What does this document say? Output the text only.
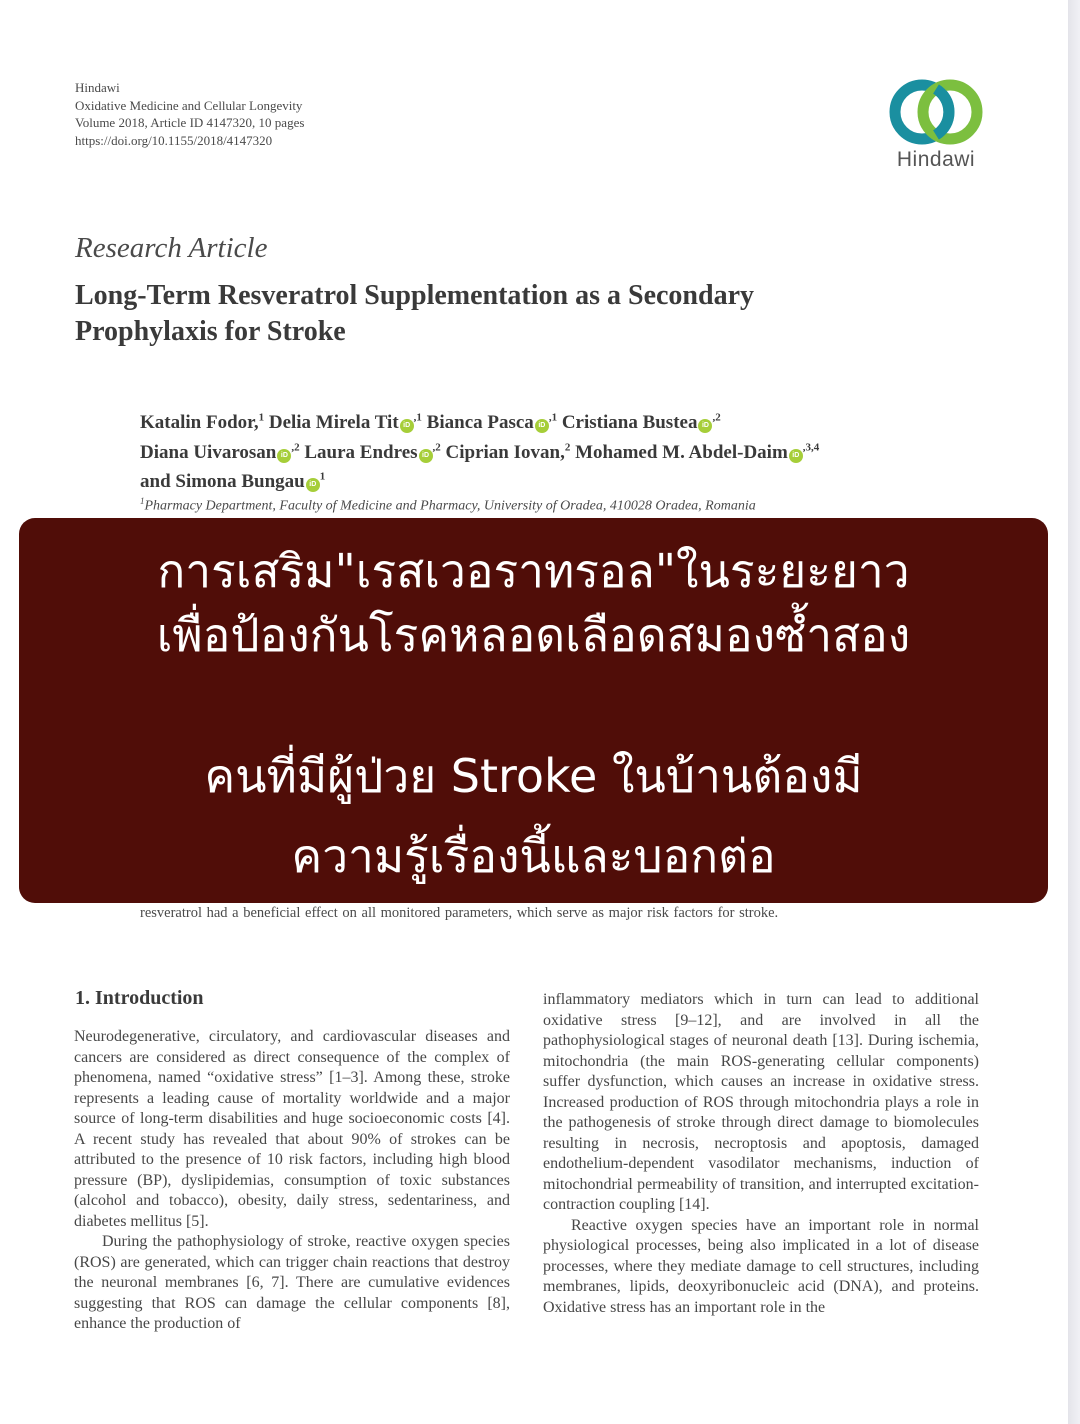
Hindawi
Oxidative Medicine and Cellular Longevity
Volume 2018, Article ID 4147320, 10 pages
https://doi.org/10.1155/2018/4147320
Hindawi
Research Article
Long-Term Resveratrol Supplementation as a Secondary Prophylaxis for Stroke
Katalin Fodor,$^1$ Delia Mirela Tit $iD^{,1}$ Bianca Pasca $iD^{,1}$ Cristiana Bustea $iD^{,2}$
Diana Uivarosan $iD^{,2}$ Laura Endres $iD^{,2}$ Ciprian Iovan,$^2$ Mohamed M. Abdel-Daim $iD^{,3,4}$
and Simona Bungau $iD^1$
$^1$Pharmacy Department, Faculty of Medicine and Pharmacy, University of Oradea, 410028 Oradea, Romania
การเสริม"เรสเวอราทรอล"ในระยะยาว
เพื่อป้องกันโรคหลอดเลือดสมองซ้ำสอง
คนที่มีผู้ป่วย Stroke ในบ้านต้องมี
ความรู้เรื่องนี้และบอกต่อ
resveratrol had a beneficial effect on all monitored parameters, which serve as major risk factors for stroke.
1. Introduction

Neurodegenerative, circulatory, and cardiovascular diseases and cancers are considered as direct consequence of the complex of phenomena, named “oxidative stress” [1–3]. Among these, stroke represents a leading cause of mortality worldwide and a major source of long-term disabilities and huge socioeconomic costs [4]. A recent study has revealed that about 90% of strokes can be attributed to the presence of 10 risk factors, including high blood pressure (BP), dyslipidemias, consumption of toxic substances (alcohol and tobacco), obesity, daily stress, sedentariness, and diabetes mellitus [5].

During the pathophysiology of stroke, reactive oxygen species (ROS) are generated, which can trigger chain reactions that destroy the neuronal membranes [6, 7]. There are cumulative evidences suggesting that ROS can damage the cellular components [8], enhance the production of

inflammatory mediators which in turn can lead to additional oxidative stress [9–12], and are involved in all the pathophysiological stages of neuronal death [13]. During ischemia, mitochondria (the main ROS-generating cellular components) suffer dysfunction, which causes an increase in oxidative stress. Increased production of ROS through mitochondria plays a role in the pathogenesis of stroke through direct damage to biomolecules resulting in necrosis, necroptosis and apoptosis, damaged endothelium-dependent vasodilator mechanisms, induction of mitochondrial permeability of transition, and interrupted excitation-contraction coupling [14].

Reactive oxygen species have an important role in normal physiological processes, being also implicated in a lot of disease processes, where they mediate damage to cell structures, including membranes, lipids, deoxyribonucleic acid (DNA), and proteins. Oxidative stress has an important role in the
